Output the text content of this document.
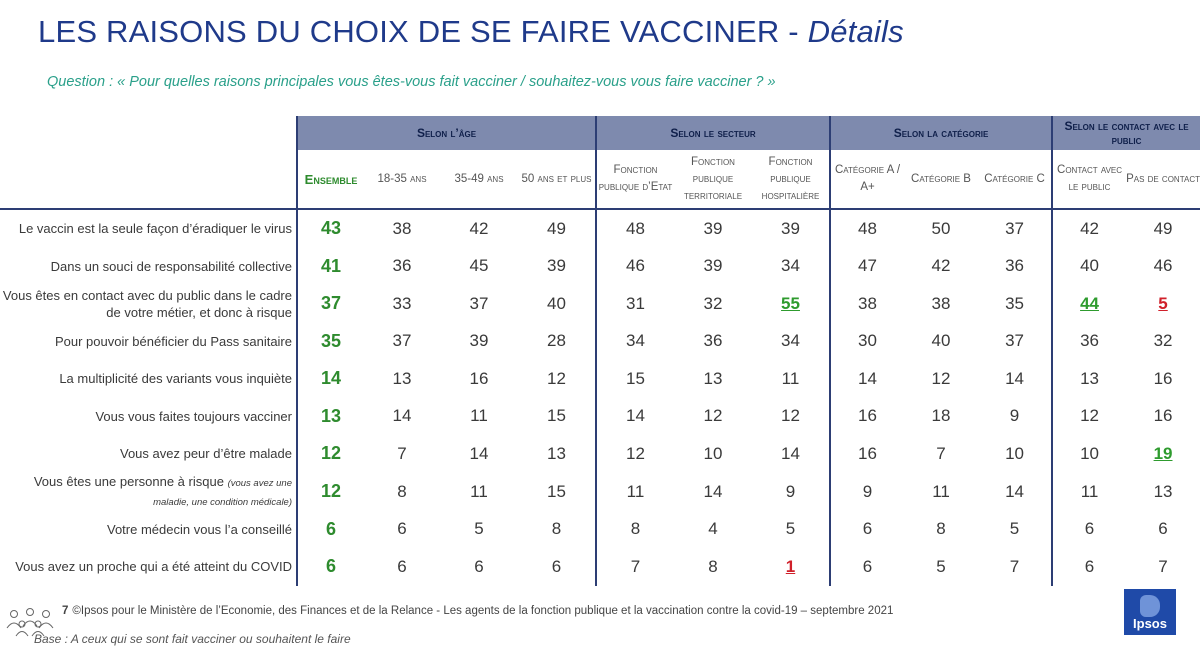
LES RAISONS DU CHOIX DE SE FAIRE VACCINER - Détails
Question : « Pour quelles raisons principales vous êtes-vous fait vacciner / souhaitez-vous vous faire vacciner ? »
	Selon l’âge				Selon le secteur			Selon la catégorie			Selon le contact avec le public	
	Ensemble	18-35 ans	35-49 ans	50 ans et plus	Fonction publique d’Etat	Fonction publique territoriale	Fonction publique hospitalière	Catégorie A / A+	Catégorie B	Catégorie C	Contact avec le public	Pas de contact
Le vaccin est la seule façon d’éradiquer le virus	43	38	42	49	48	39	39	48	50	37	42	49
Dans un souci de responsabilité collective	41	36	45	39	46	39	34	47	42	36	40	46
Vous êtes en contact avec du public dans le cadre de votre métier, et donc à risque	37	33	37	40	31	32	55	38	38	35	44	5
Pour pouvoir bénéficier du Pass sanitaire	35	37	39	28	34	36	34	30	40	37	36	32
La multiplicité des variants vous inquiète	14	13	16	12	15	13	11	14	12	14	13	16
Vous vous faites toujours vacciner	13	14	11	15	14	12	12	16	18	9	12	16
Vous avez peur d’être malade	12	7	14	13	12	10	14	16	7	10	10	19
Vous êtes une personne à risque (vous avez une maladie, une condition médicale)	12	8	11	15	11	14	9	9	11	14	11	13
Votre médecin vous l’a conseillé	6	6	5	8	8	4	5	6	8	5	6	6
Vous avez un proche qui a été atteint du COVID	6	6	6	6	7	8	1	6	5	7	6	7
7 ©Ipsos pour le Ministère de l’Economie, des Finances et de la Relance - Les agents de la fonction publique et la vaccination contre la covid-19 – septembre 2021
Base : A ceux qui se sont fait vacciner ou souhaitent le faire
Ipsos
